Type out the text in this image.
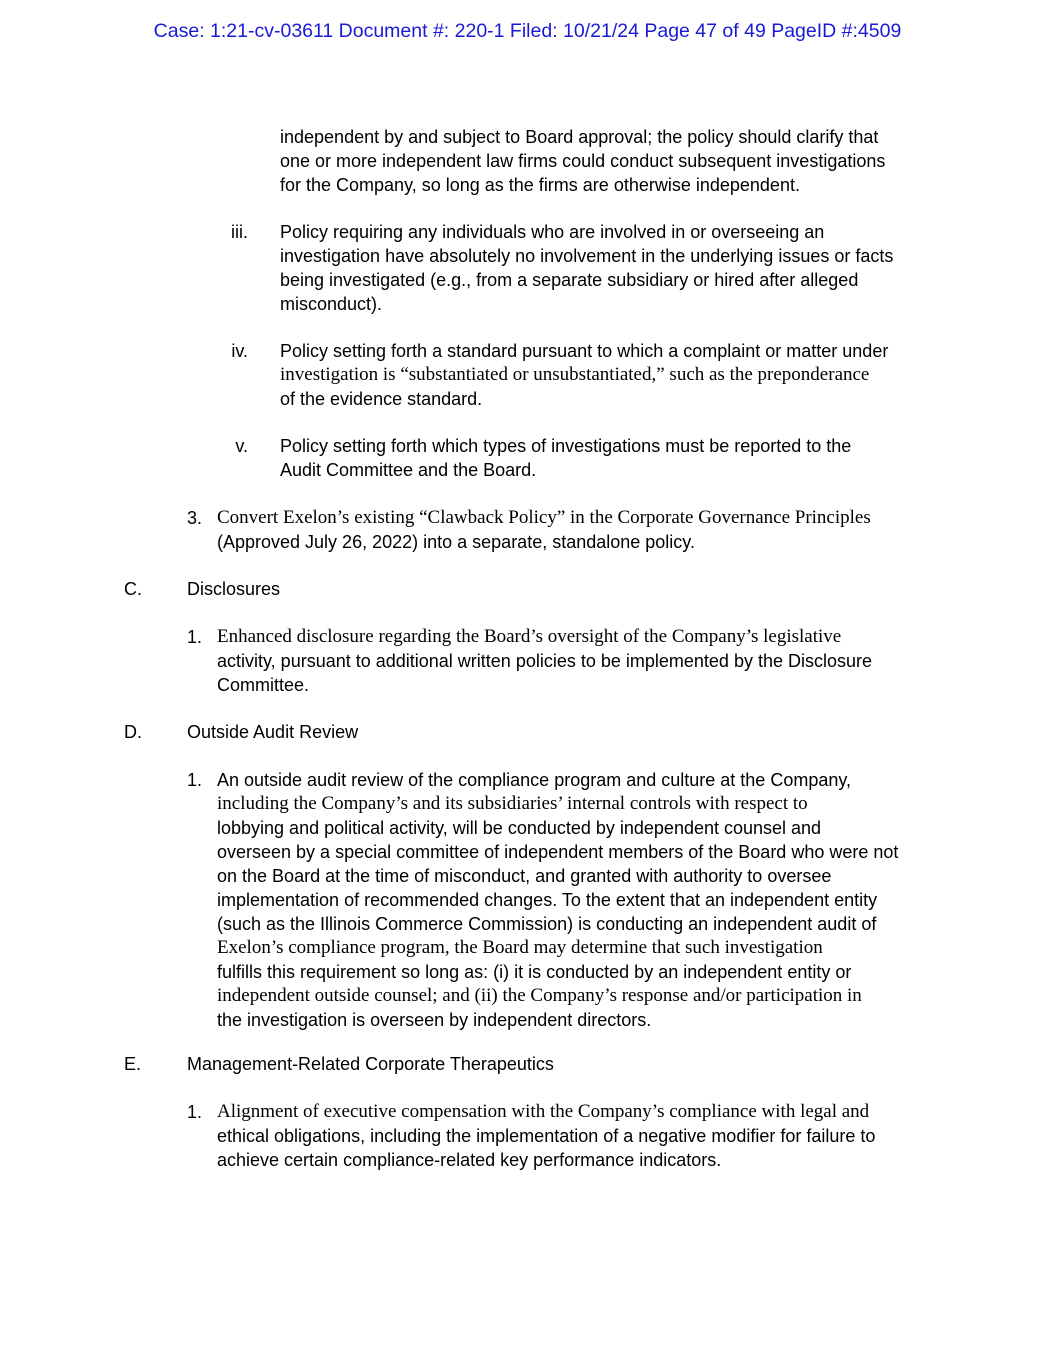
Case: 1:21-cv-03611 Document #: 220-1 Filed: 10/21/24 Page 47 of 49 PageID #:4509
independent by and subject to Board approval; the policy should clarify that
one or more independent law firms could conduct subsequent investigations
for the Company, so long as the firms are otherwise independent.
iii. Policy requiring any individuals who are involved in or overseeing an
investigation have absolutely no involvement in the underlying issues or facts
being investigated (e.g., from a separate subsidiary or hired after alleged
misconduct).
iv. Policy setting forth a standard pursuant to which a complaint or matter under
investigation is “substantiated or unsubstantiated,” such as the preponderance
of the evidence standard.
v. Policy setting forth which types of investigations must be reported to the
Audit Committee and the Board.
3. Convert Exelon’s existing “Clawback Policy” in the Corporate Governance Principles
(Approved July 26, 2022) into a separate, standalone policy.
C.	Disclosures
1. Enhanced disclosure regarding the Board’s oversight of the Company’s legislative
activity, pursuant to additional written policies to be implemented by the Disclosure
Committee.
D.	Outside Audit Review
1. An outside audit review of the compliance program and culture at the Company,
including the Company’s and its subsidiaries’ internal controls with respect to
lobbying and political activity, will be conducted by independent counsel and
overseen by a special committee of independent members of the Board who were not
on the Board at the time of misconduct, and granted with authority to oversee
implementation of recommended changes. To the extent that an independent entity
(such as the Illinois Commerce Commission) is conducting an independent audit of
Exelon’s compliance program, the Board may determine that such investigation
fulfills this requirement so long as: (i) it is conducted by an independent entity or
independent outside counsel; and (ii) the Company’s response and/or participation in
the investigation is overseen by independent directors.
E.	Management-Related Corporate Therapeutics
1. Alignment of executive compensation with the Company’s compliance with legal and
ethical obligations, including the implementation of a negative modifier for failure to
achieve certain compliance-related key performance indicators.
